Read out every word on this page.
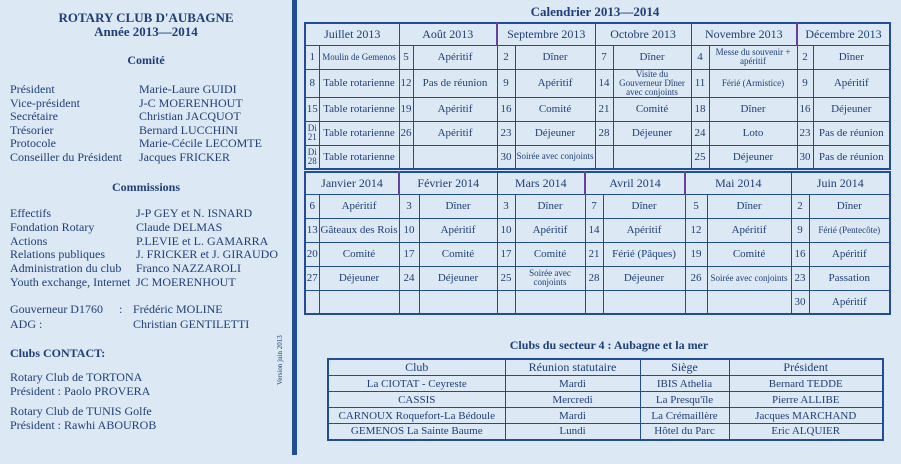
ROTARY CLUB D'AUBAGNE
Année 2013—2014
Comité
Président	Marie-Laure GUIDI
Vice-président	J-C MOERENHOUT
Secrétaire	Christian JACQUOT
Trésorier	Bernard LUCCHINI
Protocole	Marie-Cécile LECOMTE
Conseiller du Président Jacques FRICKER
Commissions
Effectifs	J-P GEY et N. ISNARD
Fondation Rotary	Claude DELMAS
Actions	P.LEVIE et L. GAMARRA
Relations publiques	J. FRICKER et J. GIRAUDO
Administration du club Franco NAZZAROLI
Youth exchange, Internet JC MOERENHOUT
Gouverneur D1760 : Frédéric MOLINE
ADG :	Christian GENTILETTI
Clubs CONTACT:
Rotary Club de TORTONA
Président : Paolo PROVERA
Rotary Club de TUNIS Golfe
Président : Rawhi ABOUROB
Version juin 2013
Calendrier 2013—2014
Juillet 2013		Août 2013		Septembre 2013		Octobre 2013		Novembre 2013		Décembre 2013	
1	Moulin de Gemenos	5	Apéritif	2	Dîner	7	Dîner	4	Messe du souvenir + apéritif	2	Dîner
8	Table rotarienne	12	Pas de réunion	9	Apéritif	14	Visite du Gouverneur Dîner avec conjoints	11	Férié (Armistice)	9	Apéritif
15	Table rotarienne	19	Apéritif	16	Comité	21	Comité	18	Dîner	16	Déjeuner
Di 21	Table rotarienne	26	Apéritif	23	Déjeuner	28	Déjeuner	24	Loto	23	Pas de réunion
Di 28	Table rotarienne			30	Soirée avec conjoints			25	Déjeuner	30	Pas de réunion
Janvier 2014		Février 2014		Mars 2014		Avril 2014		Mai 2014		Juin 2014	
6	Apéritif	3	Dîner	3	Dîner	7	Dîner	5	Dîner	2	Dîner
13	Gâteaux des Rois	10	Apéritif	10	Apéritif	14	Apéritif	12	Apéritif	9	Férié (Pentecôte)
20	Comité	17	Comité	17	Comité	21	Férié (Pâques)	19	Comité	16	Apéritif
27	Déjeuner	24	Déjeuner	25	Soirée avec conjoints	28	Déjeuner	26	Soirée avec conjoints	23	Passation
										30	Apéritif
Clubs du secteur 4 : Aubagne et la mer
Club	Réunion statutaire	Siège	Président
La CIOTAT - Ceyreste	Mardi	IBIS Athelia	Bernard TEDDE
CASSIS	Mercredi	La Presqu'île	Pierre ALLIBE
CARNOUX Roquefort-La Bédoule	Mardi	La Crémaillère	Jacques MARCHAND
GEMENOS La Sainte Baume	Lundi	Hôtel du Parc	Eric ALQUIER
